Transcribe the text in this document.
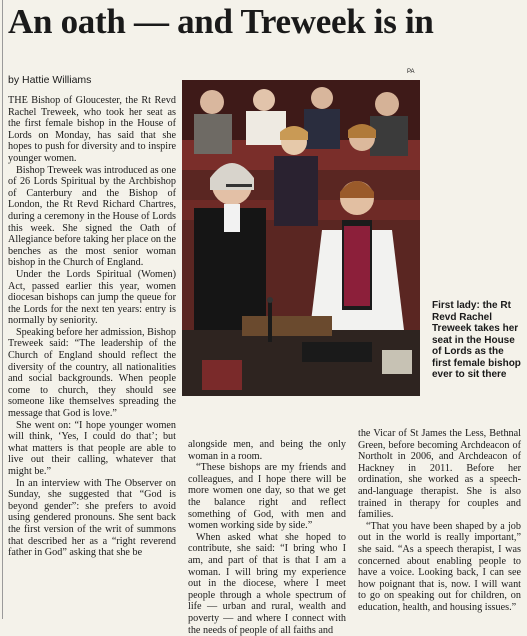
An oath — and Treweek is in
by Hattie Williams
PA

THE Bishop of Gloucester, the Rt Revd Rachel Treweek, who took her seat as the first female bishop in the House of Lords on Monday, has said that she hopes to push for diversity and to inspire younger women.

Bishop Treweek was introduced as one of 26 Lords Spiritual by the Archbishop of Canterbury and the Bishop of London, the Rt Revd Richard Chartres, during a ceremony in the House of Lords this week. She signed the Oath of Allegiance before taking her place on the benches as the most senior woman bishop in the Church of England.

Under the Lords Spiritual (Women) Act, passed earlier this year, women diocesan bishops can jump the queue for the Lords for the next ten years: entry is normally by seniority.

Speaking before her admission, Bishop Treweek said: “The leadership of the Church of England should reflect the diversity of the country, all nationalities and social backgrounds. When people come to church, they should see someone like themselves spreading the message that God is love.”

She went on: “I hope younger women will think, ‘Yes, I could do that’; but what matters is that people are able to live out their calling, whatever that might be.”

In an interview with The Observer on Sunday, she suggested that “God is beyond gender”: she prefers to avoid using gendered pronouns. She sent back the first version of the writ of summons that described her as a “right reverend father in God” asking that she be

First lady: the Rt Revd Rachel Treweek takes her seat in the House of Lords as the first female bishop ever to sit there

alongside men, and being the only woman in a room.

“These bishops are my friends and colleagues, and I hope there will be more women one day, so that we get the balance right and reflect something of God, with men and women working side by side.”

When asked what she hoped to contribute, she said: “I bring who I am, and part of that is that I am a woman. I will bring my experience out in the diocese, where I meet people through a whole spectrum of life — urban and rural, wealth and poverty — and where I connect with the needs of people of all faiths and

the Vicar of St James the Less, Bethnal Green, before becoming Archdeacon of Northolt in 2006, and Archdeacon of Hackney in 2011. Before her ordination, she worked as a speech- and-language therapist. She is also trained in therapy for couples and families.

“That you have been shaped by a job out in the world is really important,” she said. “As a speech therapist, I was concerned about enabling people to have a voice. Looking back, I can see how poignant that is, now. I will want to go on speaking out for children, on education, health, and housing issues.”
